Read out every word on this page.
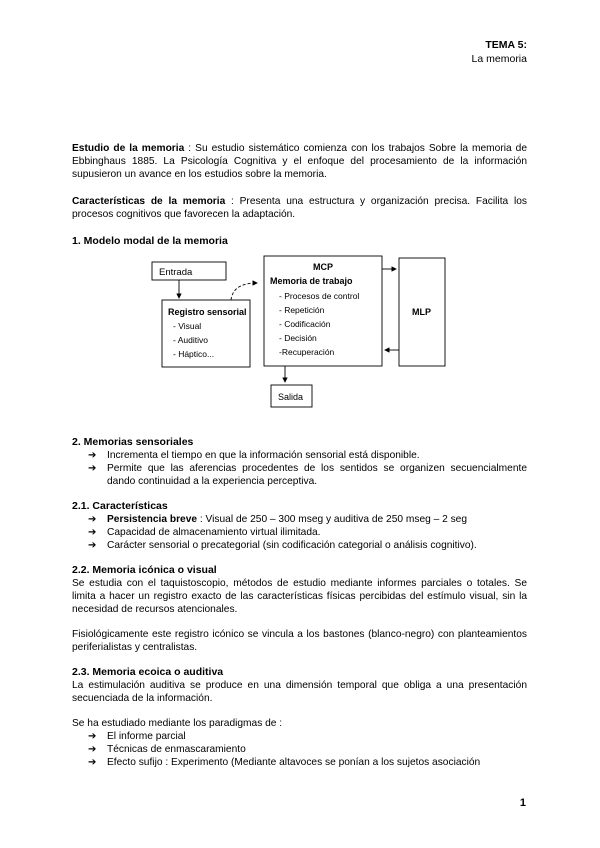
TEMA 5:
La memoria

Estudio de la memoria : Su estudio sistemático comienza con los trabajos Sobre la memoria de Ebbinghaus 1885. La Psicología Cognitiva y el enfoque del procesamiento de la información supusieron un avance en los estudios sobre la memoria.

Características de la memoria : Presenta una estructura y organización precisa. Facilita los procesos cognitivos que favorecen la adaptación.

1. Modelo modal de la memoria
Entrada
Registro sensorial
- Visual
- Auditivo
- Háptico...
MCP
Memoria de trabajo
- Procesos de control
- Repetición
- Codificación
- Decisión
-Recuperación
MLP
Salida
2. Memorias sensoriales
➔ Incrementa el tiempo en que la información sensorial está disponible.
➔ Permite que las aferencias procedentes de los sentidos se organizen secuencialmente dando continuidad a la experiencia perceptiva.
2.1. Características
➔ Persistencia breve : Visual de 250 – 300 mseg y auditiva de 250 mseg – 2 seg
➔ Capacidad de almacenamiento virtual ilimitada.
➔ Carácter sensorial o precategorial (sin codificación categorial o análisis cognitivo).
2.2. Memoria icónica o visual

Se estudia con el taquistoscopio, métodos de estudio mediante informes parciales o totales. Se limita a hacer un registro exacto de las características físicas percibidas del estímulo visual, sin la necesidad de recursos atencionales.

Fisiológicamente este registro icónico se vincula a los bastones (blanco-negro) con planteamientos periferialistas y centralistas.

2.3. Memoria ecoica o auditiva

La estimulación auditiva se produce en una dimensión temporal que obliga a una presentación secuenciada de la información.

Se ha estudiado mediante los paradigmas de :

➔ El informe parcial
➔ Técnicas de enmascaramiento
➔ Efecto sufijo : Experimento (Mediante altavoces se ponían a los sujetos asociación
1
